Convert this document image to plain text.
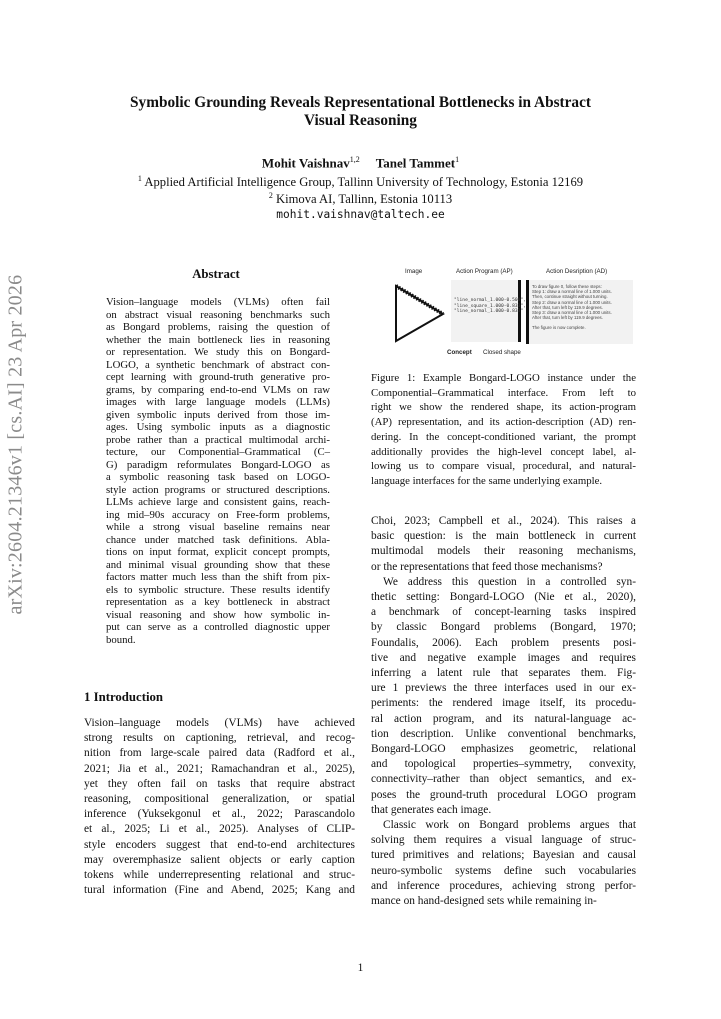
Symbolic Grounding Reveals Representational Bottlenecks in Abstract
Visual Reasoning
Mohit Vaishnav$^{1,2}$ Tanel Tammet$^1$
$^1$ Applied Artificial Intelligence Group, Tallinn University of Technology, Estonia 12169
$^2$ Kimova AI, Tallinn, Estonia 10113
mohit.vaishnav@taltech.ee
arXiv:2604.21346v1 [cs.AI] 23 Apr 2026
Abstract
Vision–language models (VLMs) often fail
on abstract visual reasoning benchmarks such
as Bongard problems, raising the question of
whether the main bottleneck lies in reasoning
or representation. We study this on Bongard-
LOGO, a synthetic benchmark of abstract con-
cept learning with ground-truth generative pro-
grams, by comparing end-to-end VLMs on raw
images with large language models (LLMs)
given symbolic inputs derived from those im-
ages. Using symbolic inputs as a diagnostic
probe rather than a practical multimodal archi-
tecture, our Componential–Grammatical (C–
G) paradigm reformulates Bongard-LOGO as
a symbolic reasoning task based on LOGO-
style action programs or structured descriptions.
LLMs achieve large and consistent gains, reach-
ing mid–90s accuracy on Free-form problems,
while a strong visual baseline remains near
chance under matched task definitions. Abla-
tions on input format, explicit concept prompts,
and minimal visual grounding show that these
factors matter much less than the shift from pix-
els to symbolic structure. These results identify
representation as a key bottleneck in abstract
visual reasoning and show how symbolic in-
put can serve as a controlled diagnostic upper
bound.
1 Introduction
Vision–language models (VLMs) have achieved
strong results on captioning, retrieval, and recog-
nition from large-scale paired data (Radford et al.,
2021; Jia et al., 2021; Ramachandran et al., 2025),
yet they often fail on tasks that require abstract
reasoning, compositional generalization, or spatial
inference (Yuksekgonul et al., 2022; Parascandolo
et al., 2025; Li et al., 2025). Analyses of CLIP-
style encoders suggest that end-to-end architectures
may overemphasize salient objects or early caption
tokens while underrepresenting relational and struc-
tural information (Fine and Abend, 2025; Kang and
Image	Action Program (AP)	Action Desription (AD)
"line_normal_1.000-0.500",
"line_square_1.000-0.833",
"line_normal_1.000-0.833"
To draw figure 0, follow these steps:
Step 1: draw a normal line of 1.000 units.
Then, continue straight without turning.
Step 2: draw a normal line of 1.000 units.
After that, turn left by 119.9 degrees.
Step 3: draw a normal line of 1.000 units.
After that, turn left by 119.9 degrees.
The figure is now complete.
Concept Closed shape
Figure 1: Example Bongard-LOGO instance under the
Componential–Grammatical interface. From left to
right we show the rendered shape, its action-program
(AP) representation, and its action-description (AD) ren-
dering. In the concept-conditioned variant, the prompt
additionally provides the high-level concept label, al-
lowing us to compare visual, procedural, and natural-
language interfaces for the same underlying example.
Choi, 2023; Campbell et al., 2024). This raises a
basic question: is the main bottleneck in current
multimodal models their reasoning mechanisms,
or the representations that feed those mechanisms?
We address this question in a controlled syn-
thetic setting: Bongard-LOGO (Nie et al., 2020),
a benchmark of concept-learning tasks inspired
by classic Bongard problems (Bongard, 1970;
Foundalis, 2006). Each problem presents posi-
tive and negative example images and requires
inferring a latent rule that separates them. Fig-
ure 1 previews the three interfaces used in our ex-
periments: the rendered image itself, its procedu-
ral action program, and its natural-language ac-
tion description. Unlike conventional benchmarks,
Bongard-LOGO emphasizes geometric, relational
and topological properties–symmetry, convexity,
connectivity–rather than object semantics, and ex-
poses the ground-truth procedural LOGO program
that generates each image.
Classic work on Bongard problems argues that
solving them requires a visual language of struc-
tured primitives and relations; Bayesian and causal
neuro-symbolic systems define such vocabularies
and inference procedures, achieving strong perfor-
mance on hand-designed sets while remaining in-
1
